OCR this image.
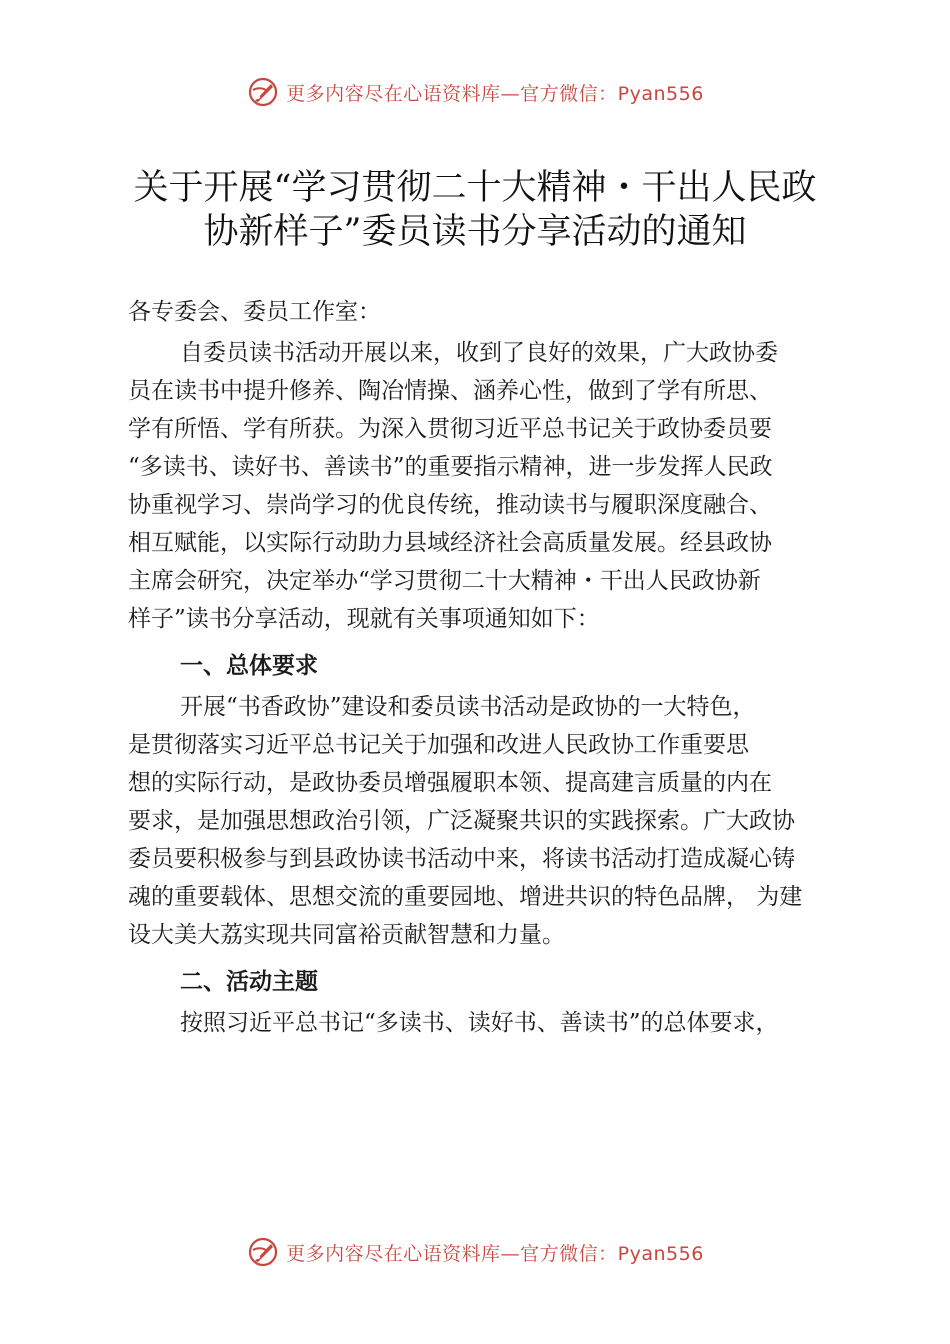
更多内容尽在心语资料库—官方微信：Pyan556
关于开展“学习贯彻二十大精神・干出人民政
协新样子”委员读书分享活动的通知
各专委会、委员工作室：

自委员读书活动开展以来，收到了良好的效果，广大政协委

员在读书中提升修养、陶冶情操、涵养心性，做到了学有所思、

学有所悟、学有所获。为深入贯彻习近平总书记关于政协委员要

“多读书、读好书、善读书”的重要指示精神，进一步发挥人民政

协重视学习、崇尚学习的优良传统，推动读书与履职深度融合、

相互赋能，以实际行动助力县域经济社会高质量发展。经县政协

主席会研究，决定举办“学习贯彻二十大精神・干出人民政协新

样子”读书分享活动，现就有关事项通知如下：

一、总体要求

开展“书香政协”建设和委员读书活动是政协的一大特色，

是贯彻落实习近平总书记关于加强和改进人民政协工作重要思

想的实际行动，是政协委员增强履职本领、提高建言质量的内在

要求，是加强思想政治引领，广泛凝聚共识的实践探索。广大政协

委员要积极参与到县政协读书活动中来，将读书活动打造成凝心铸

魂的重要载体、思想交流的重要园地、增进共识的特色品牌， 为建

设大美大荔实现共同富裕贡献智慧和力量。

二、活动主题

按照习近平总书记“多读书、读好书、善读书”的总体要求，

更多内容尽在心语资料库—官方微信：Pyan556
